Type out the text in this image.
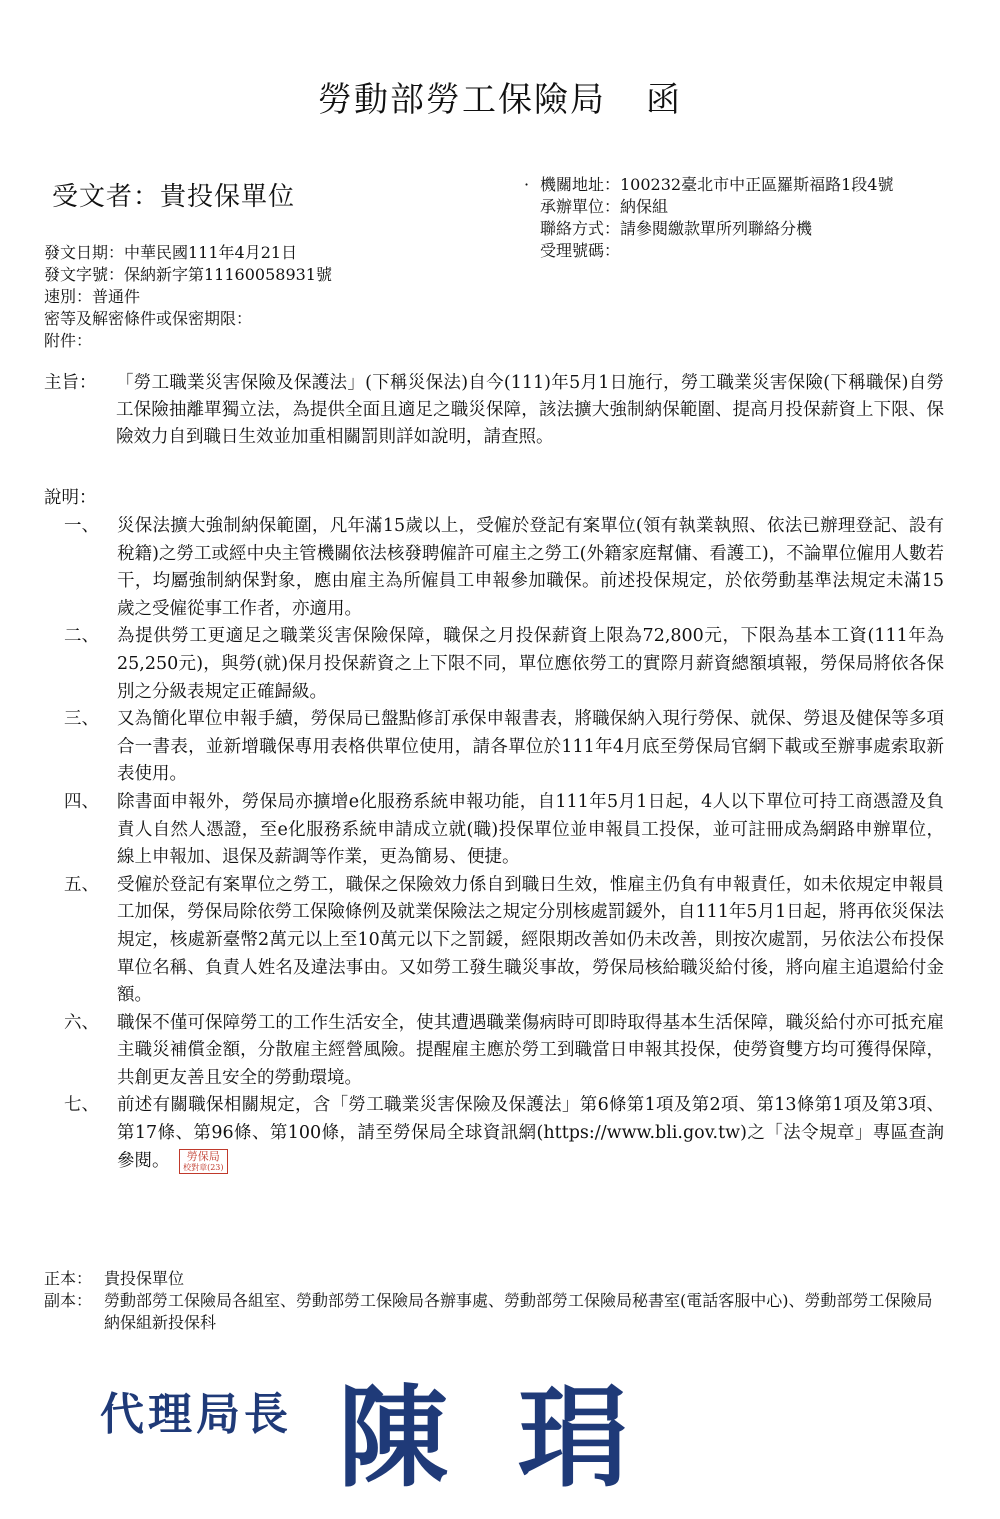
勞動部勞工保險局 函
受文者：貴投保單位	· 機關地址：100232臺北市中正區羅斯福路1段4號
承辦單位：納保組
聯絡方式：請參閱繳款單所列聯絡分機
受理號碼：
發文日期：中華民國111年4月21日
發文字號：保納新字第11160058931號
速別：普通件
密等及解密條件或保密期限：
附件：
主旨： 「勞工職業災害保險及保護法」(下稱災保法)自今(111)年5月1日施行，勞工職業災害保險(下稱職保)自勞工保險抽離單獨立法，為提供全面且適足之職災保障，該法擴大強制納保範圍、提高月投保薪資上下限、保險效力自到職日生效並加重相關罰則詳如說明，請查照。
說明：
一、 災保法擴大強制納保範圍，凡年滿15歲以上，受僱於登記有案單位(領有執業執照、依法已辦理登記、設有稅籍)之勞工或經中央主管機關依法核發聘僱許可雇主之勞工(外籍家庭幫傭、看護工)，不論單位僱用人數若干，均屬強制納保對象，應由雇主為所僱員工申報參加職保。前述投保規定，於依勞動基準法規定未滿15歲之受僱從事工作者，亦適用。
二、 為提供勞工更適足之職業災害保險保障，職保之月投保薪資上限為72,800元，下限為基本工資(111年為25,250元)，與勞(就)保月投保薪資之上下限不同，單位應依勞工的實際月薪資總額填報，勞保局將依各保別之分級表規定正確歸級。
三、 又為簡化單位申報手續，勞保局已盤點修訂承保申報書表，將職保納入現行勞保、就保、勞退及健保等多項合一書表，並新增職保專用表格供單位使用，請各單位於111年4月底至勞保局官網下載或至辦事處索取新表使用。
四、 除書面申報外，勞保局亦擴增e化服務系統申報功能，自111年5月1日起，4人以下單位可持工商憑證及負責人自然人憑證，至e化服務系統申請成立就(職)投保單位並申報員工投保，並可註冊成為網路申辦單位，線上申報加、退保及薪調等作業，更為簡易、便捷。
五、 受僱於登記有案單位之勞工，職保之保險效力係自到職日生效，惟雇主仍負有申報責任，如未依規定申報員工加保，勞保局除依勞工保險條例及就業保險法之規定分別核處罰鍰外，自111年5月1日起，將再依災保法規定，核處新臺幣2萬元以上至10萬元以下之罰鍰，經限期改善如仍未改善，則按次處罰，另依法公布投保單位名稱、負責人姓名及違法事由。又如勞工發生職災事故，勞保局核給職災給付後，將向雇主追還給付金額。
六、 職保不僅可保障勞工的工作生活安全，使其遭遇職業傷病時可即時取得基本生活保障，職災給付亦可抵充雇主職災補償金額，分散雇主經營風險。提醒雇主應於勞工到職當日申報其投保，使勞資雙方均可獲得保障，共創更友善且安全的勞動環境。
七、 前述有關職保相關規定，含「勞工職業災害保險及保護法」第6條第1項及第2項、第13條第1項及第3項、第17條、第96條、第100條，請至勞保局全球資訊網(https://www.bli.gov.tw)之「法令規章」專區查詢參閱。	勞保局
校對章(23)
正本： 貴投保單位
副本： 勞動部勞工保險局各組室、勞動部勞工保險局各辦事處、勞動部勞工保險局秘書室(電話客服中心)、勞動部勞工保險局納保組新投保科
代理局長 陳琄
